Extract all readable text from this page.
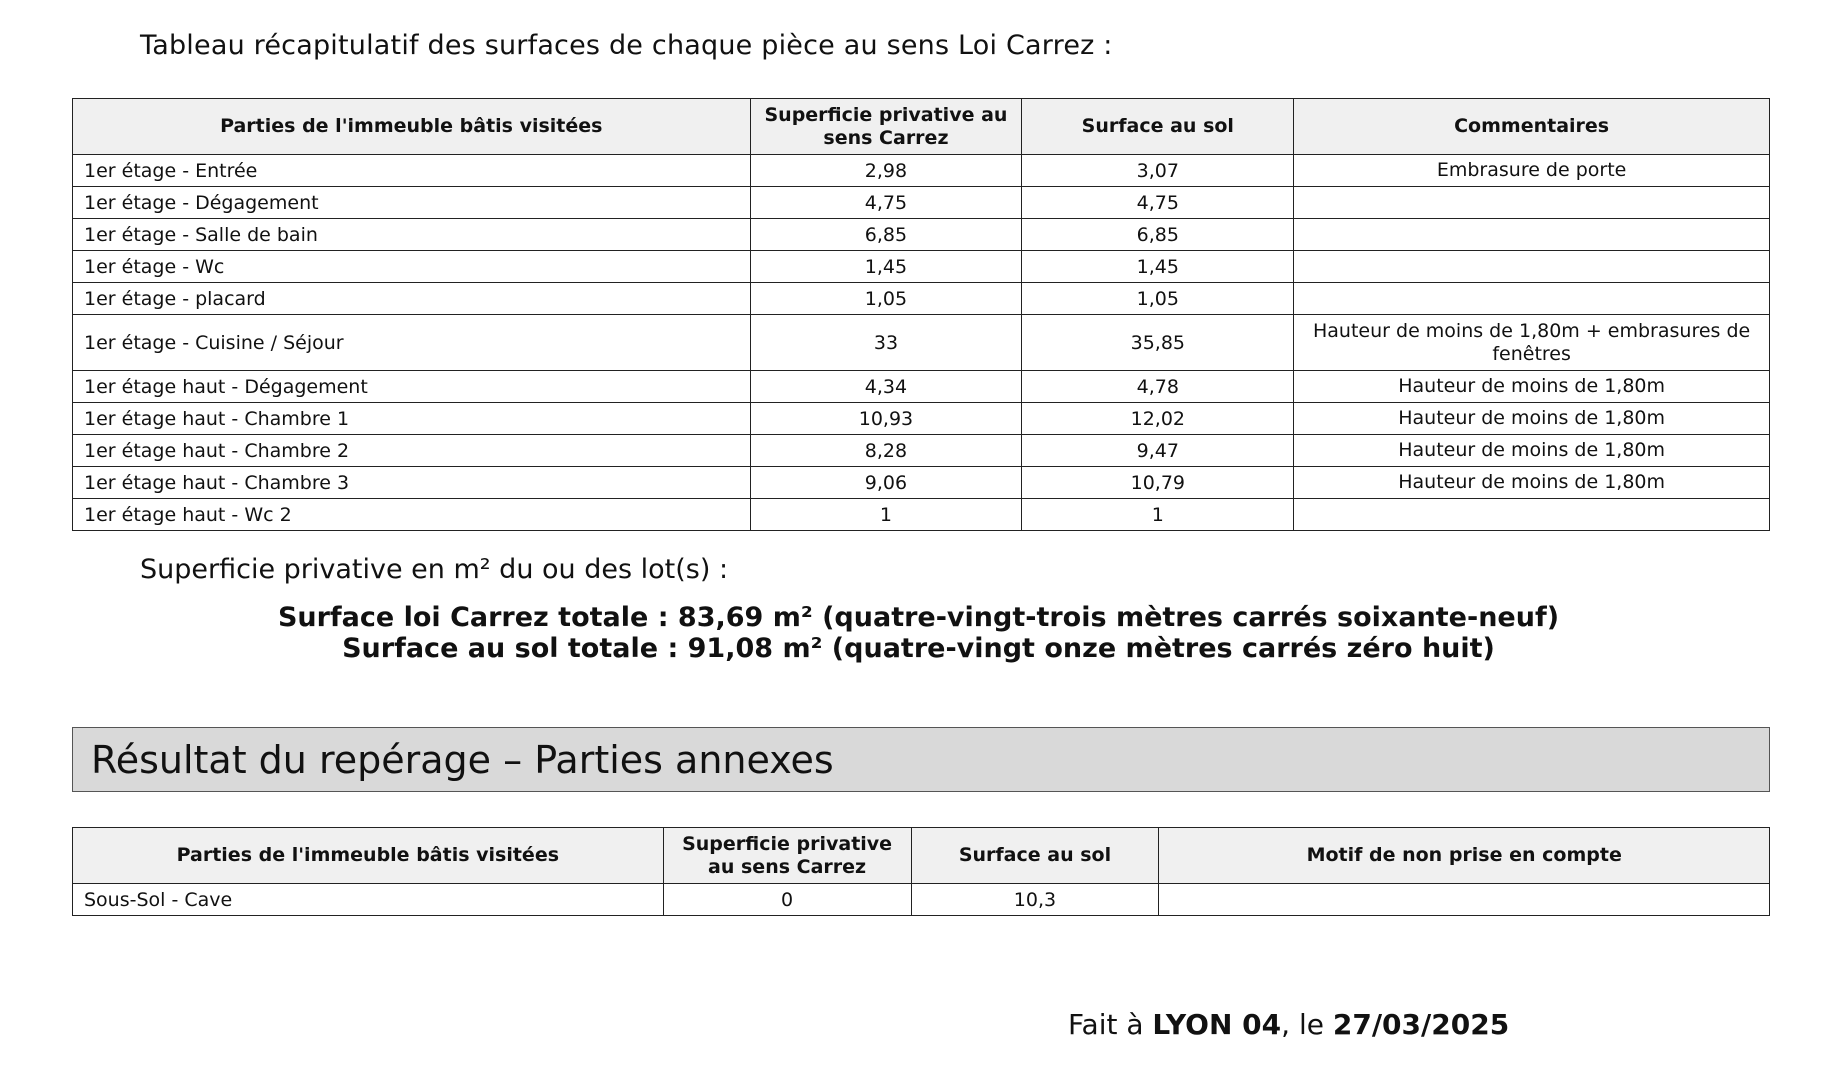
Tableau récapitulatif des surfaces de chaque pièce au sens Loi Carrez :
Parties de l'immeuble bâtis visitées	Superficie privative au sens Carrez	Surface au sol	Commentaires
1er étage - Entrée	2,98	3,07	Embrasure de porte
1er étage - Dégagement	4,75	4,75	
1er étage - Salle de bain	6,85	6,85	
1er étage - Wc	1,45	1,45	
1er étage - placard	1,05	1,05	
1er étage - Cuisine / Séjour	33	35,85	Hauteur de moins de 1,80m + embrasures de fenêtres
1er étage haut - Dégagement	4,34	4,78	Hauteur de moins de 1,80m
1er étage haut - Chambre 1	10,93	12,02	Hauteur de moins de 1,80m
1er étage haut - Chambre 2	8,28	9,47	Hauteur de moins de 1,80m
1er étage haut - Chambre 3	9,06	10,79	Hauteur de moins de 1,80m
1er étage haut - Wc 2	1	1	
Superficie privative en m² du ou des lot(s) :
Surface loi Carrez totale : 83,69 m² (quatre-vingt-trois mètres carrés soixante-neuf)
Surface au sol totale : 91,08 m² (quatre-vingt onze mètres carrés zéro huit)
Résultat du repérage – Parties annexes
Parties de l'immeuble bâtis visitées	Superficie privative au sens Carrez	Surface au sol	Motif de non prise en compte
Sous-Sol - Cave	0	10,3	
Fait à LYON 04, le 27/03/2025
